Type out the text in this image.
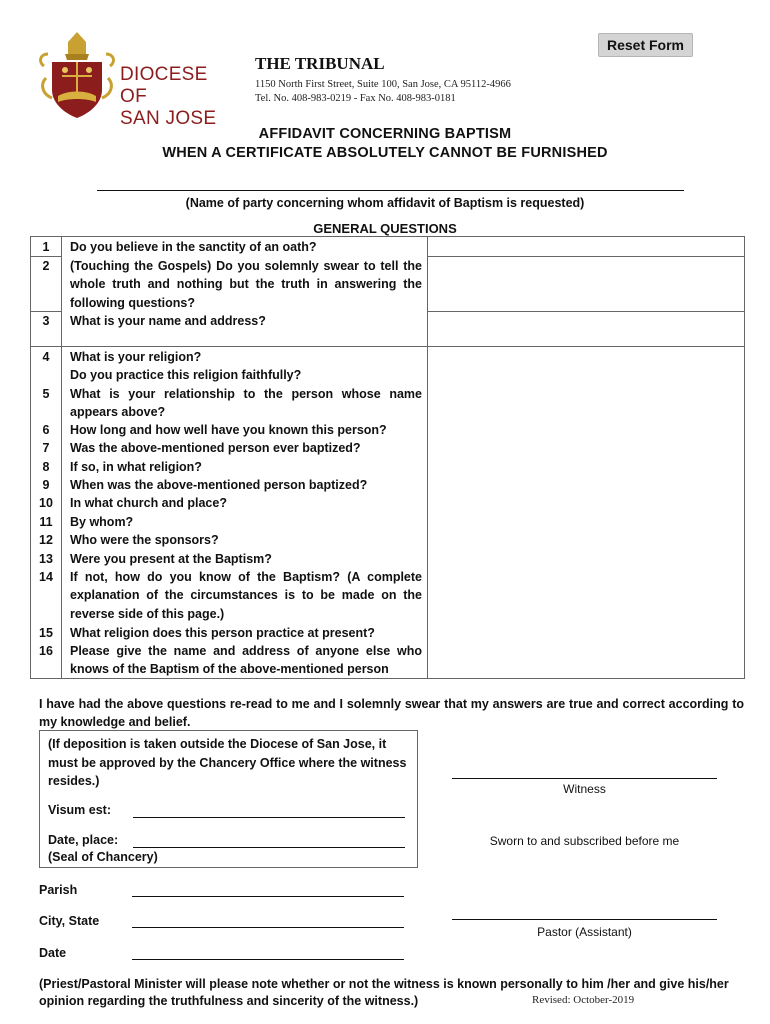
Reset Form
DIOCESE OF
SAN JOSE
THE TRIBUNAL
1150 North First Street, Suite 100, San Jose, CA 95112-4966
Tel. No. 408-983-0219 - Fax No. 408-983-0181
AFFIDAVIT CONCERNING BAPTISM
WHEN A CERTIFICATE ABSOLUTELY CANNOT BE FURNISHED
(Name of party concerning whom affidavit of Baptism is requested)
GENERAL QUESTIONS
1	Do you believe in the sanctity of an oath?
2	(Touching the Gospels) Do you solemnly swear to tell the whole truth and nothing but the truth in answering the following questions?
3	What is your name and address?
4	What is your religion?
Do you practice this religion faithfully?
5	What is your relationship to the person whose name appears above?
6	How long and how well have you known this person?
7	Was the above-mentioned person ever baptized?
8	If so, in what religion?
9	When was the above-mentioned person baptized?
10	In what church and place?
11	By whom?
12	Who were the sponsors?
13	Were you present at the Baptism?
14	If not, how do you know of the Baptism? (A complete explanation of the circumstances is to be made on the reverse side of this page.)
15	What religion does this person practice at present?
16	Please give the name and address of anyone else who knows of the Baptism of the above-mentioned person
I have had the above questions re-read to me and I solemnly swear that my answers are true and correct according to my knowledge and belief.
(If deposition is taken outside the Diocese of San Jose, it must be approved by the Chancery Office where the witness resides.)
Visum est:
Date, place:
(Seal of Chancery)
Parish
City, State
Date
Witness
Sworn to and subscribed before me
Pastor (Assistant)
(Priest/Pastoral Minister will please note whether or not the witness is known personally to him /her and give his/her opinion regarding the truthfulness and sincerity of the witness.)	Revised: October-2019
